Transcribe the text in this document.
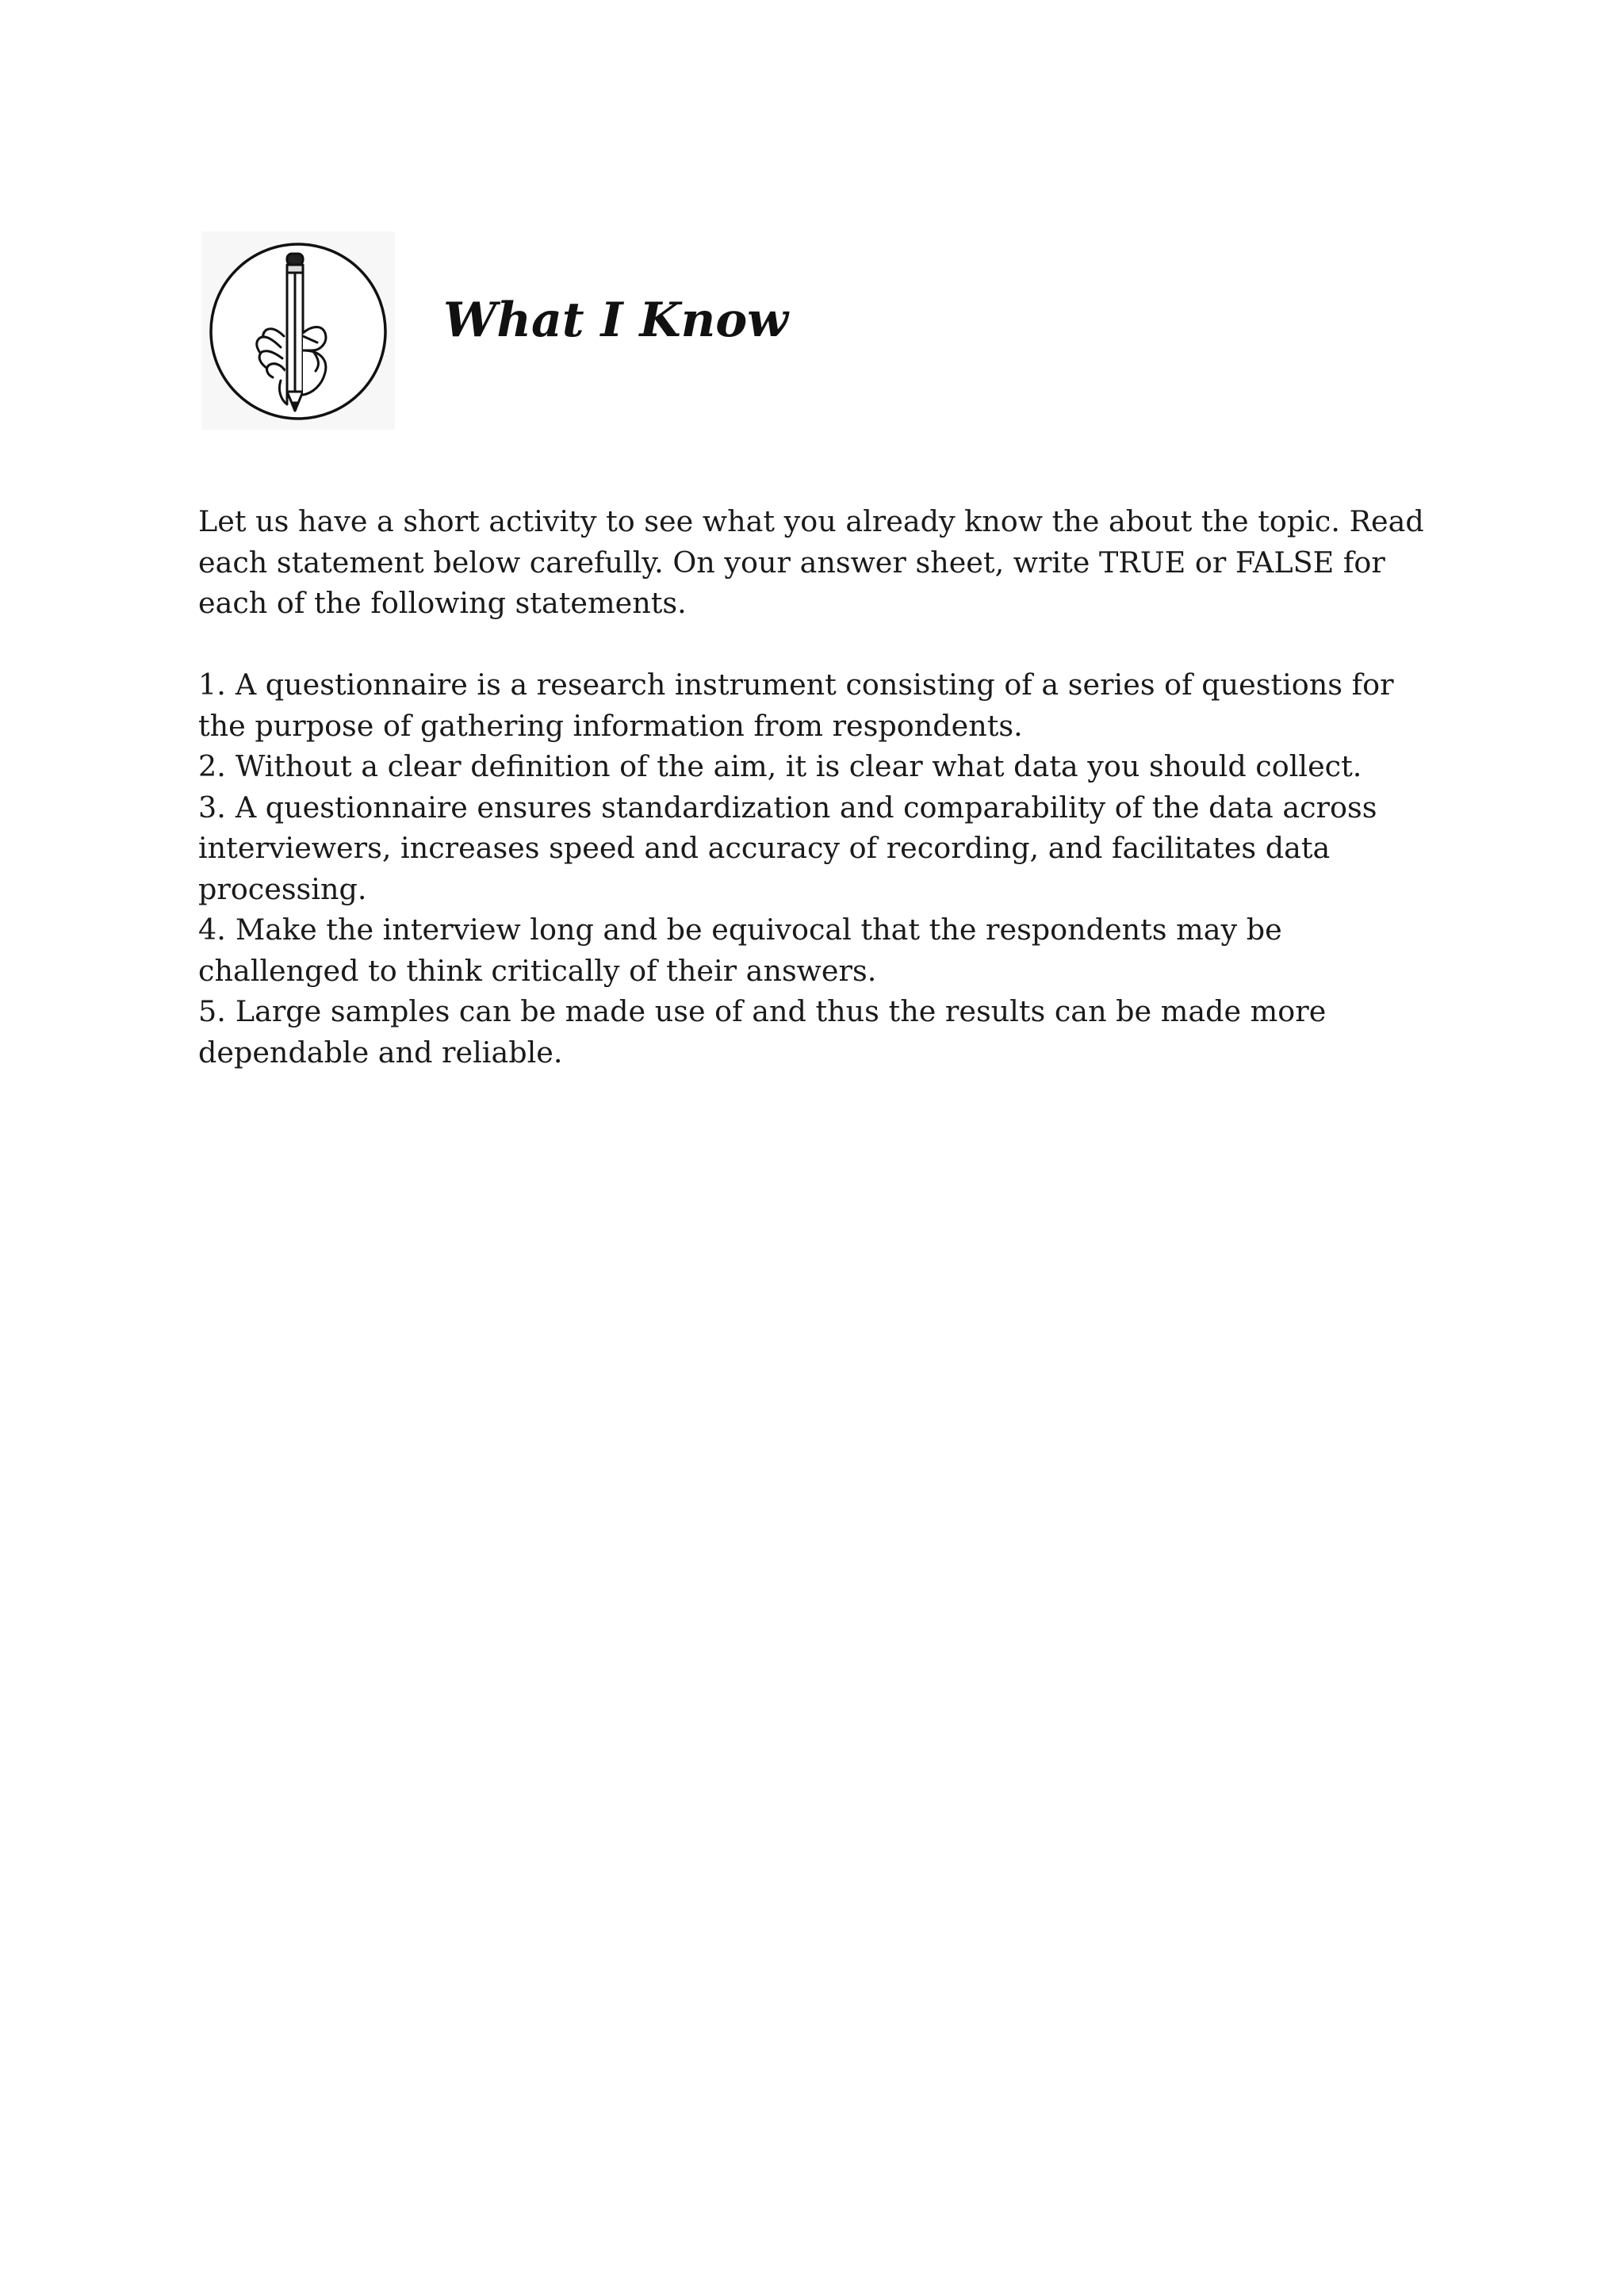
What I Know

Let us have a short activity to see what you already know the about the topic. Read each statement below carefully. On your answer sheet, write TRUE or FALSE for each of the following statements.

1. A questionnaire is a research instrument consisting of a series of questions for the purpose of gathering information from respondents.
2. Without a clear definition of the aim, it is clear what data you should collect.
3. A questionnaire ensures standardization and comparability of the data across interviewers, increases speed and accuracy of recording, and facilitates data processing.
4. Make the interview long and be equivocal that the respondents may be challenged to think critically of their answers.
5. Large samples can be made use of and thus the results can be made more dependable and reliable.
